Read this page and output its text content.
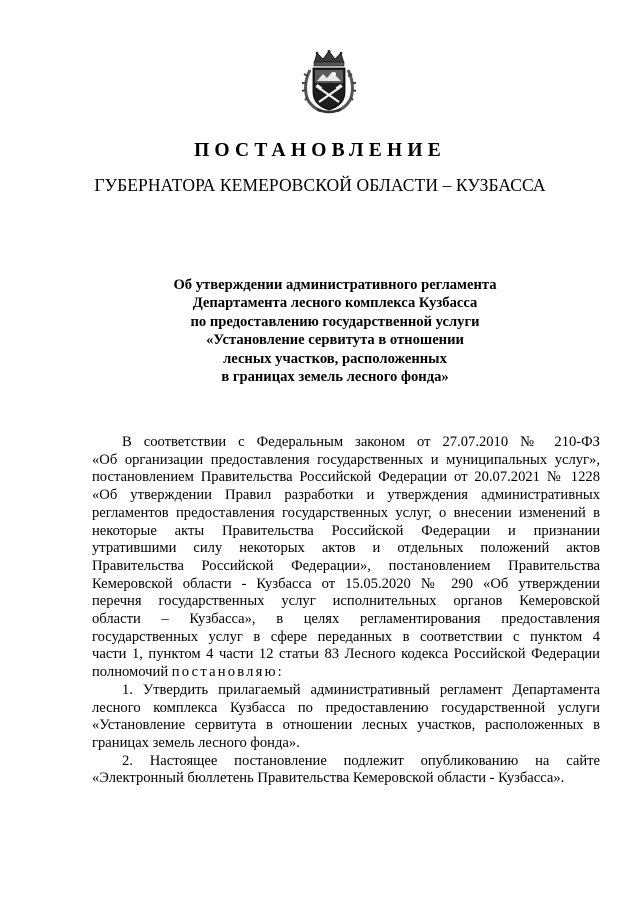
ПОСТАНОВЛЕНИЕ
ГУБЕРНАТОРА КЕМЕРОВСКОЙ ОБЛАСТИ – КУЗБАССА
Об утверждении административного регламента
Департамента лесного комплекса Кузбасса
по предоставлению государственной услуги
«Установление сервитута в отношении
лесных участков, расположенных
в границах земель лесного фонда»
В соответствии с Федеральным законом от 27.07.2010 № 210-ФЗ
«Об организации предоставления государственных и муниципальных услуг»,
постановлением Правительства Российской Федерации от 20.07.2021 № 1228
«Об утверждении Правил разработки и утверждения административных
регламентов предоставления государственных услуг, о внесении изменений в
некоторые акты Правительства Российской Федерации и признании
утратившими силу некоторых актов и отдельных положений актов
Правительства Российской Федерации», постановлением Правительства
Кемеровской области - Кузбасса от 15.05.2020 № 290 «Об утверждении
перечня государственных услуг исполнительных органов Кемеровской
области – Кузбасса», в целях регламентирования предоставления
государственных услуг в сфере переданных в соответствии с пунктом 4
части 1, пунктом 4 части 12 статьи 83 Лесного кодекса Российской Федерации
полномочий постановляю:
1. Утвердить прилагаемый административный регламент Департамента
лесного комплекса Кузбасса по предоставлению государственной услуги
«Установление сервитута в отношении лесных участков, расположенных в
границах земель лесного фонда».
2. Настоящее постановление подлежит опубликованию на сайте
«Электронный бюллетень Правительства Кемеровской области - Кузбасса».
